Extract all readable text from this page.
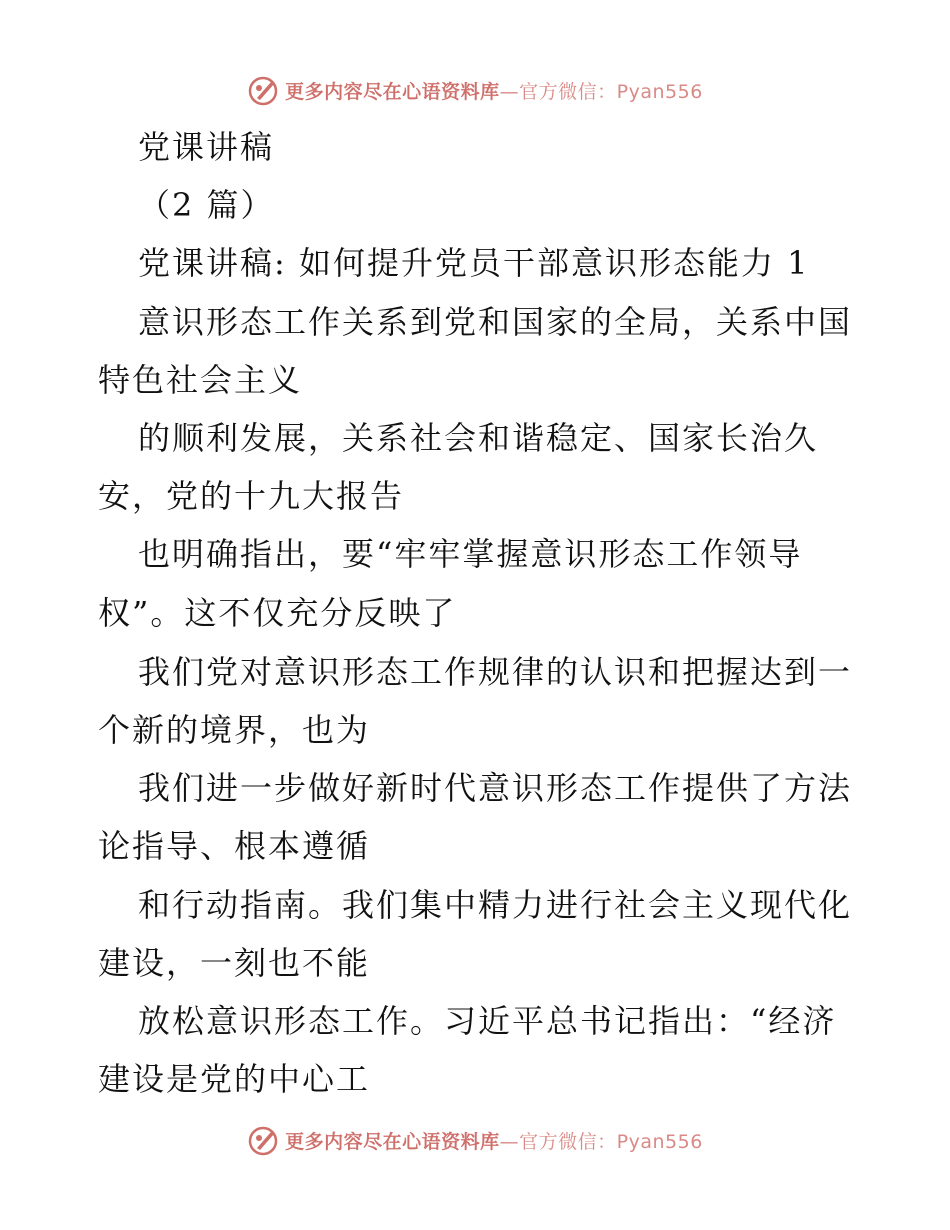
更多内容尽在心语资料库—官方微信：Pyan556
党课讲稿
（2 篇）
党课讲稿: 如何提升党员干部意识形态能力 1
意识形态工作关系到党和国家的全局，关系中国
特色社会主义
的顺利发展，关系社会和谐稳定、国家长治久
安，党的十九大报告
也明确指出，要“牢牢掌握意识形态工作领导
权”。这不仅充分反映了
我们党对意识形态工作规律的认识和把握达到一
个新的境界，也为
我们进一步做好新时代意识形态工作提供了方法
论指导、根本遵循
和行动指南。我们集中精力进行社会主义现代化
建设，一刻也不能
放松意识形态工作。习近平总书记指出：“经济
建设是党的中心工
更多内容尽在心语资料库—官方微信：Pyan556
